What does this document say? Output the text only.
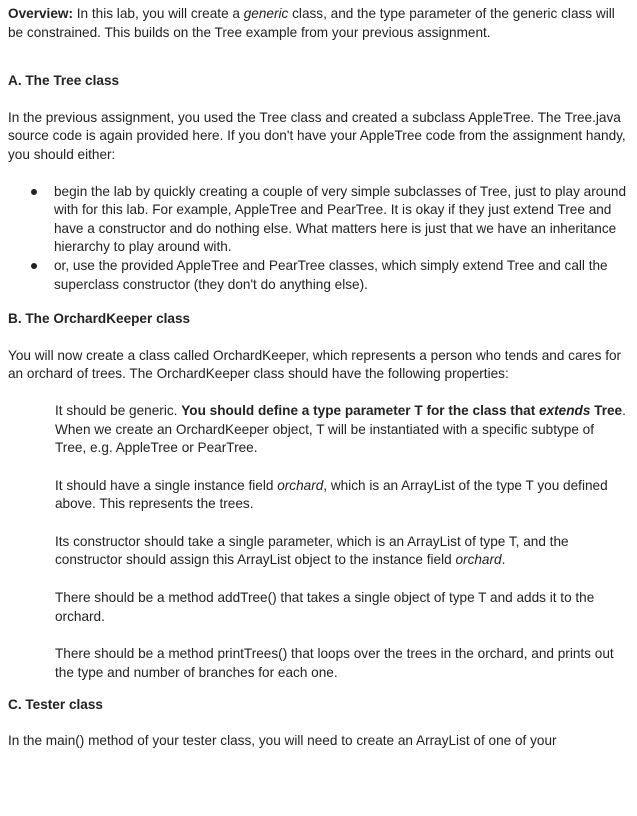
Overview: In this lab, you will create a generic class, and the type parameter of the generic class will be constrained. This builds on the Tree example from your previous assignment.

A. The Tree class

In the previous assignment, you used the Tree class and created a subclass AppleTree. The Tree.java source code is again provided here. If you don't have your AppleTree code from the assignment handy, you should either:

begin the lab by quickly creating a couple of very simple subclasses of Tree, just to play around with for this lab. For example, AppleTree and PearTree. It is okay if they just extend Tree and have a constructor and do nothing else. What matters here is just that we have an inheritance hierarchy to play around with.
or, use the provided AppleTree and PearTree classes, which simply extend Tree and call the superclass constructor (they don't do anything else).

B. The OrchardKeeper class

You will now create a class called OrchardKeeper, which represents a person who tends and cares for an orchard of trees. The OrchardKeeper class should have the following properties:

It should be generic. You should define a type parameter T for the class that extends Tree. When we create an OrchardKeeper object, T will be instantiated with a specific subtype of Tree, e.g. AppleTree or PearTree.

It should have a single instance field orchard, which is an ArrayList of the type T you defined above. This represents the trees.

Its constructor should take a single parameter, which is an ArrayList of type T, and the constructor should assign this ArrayList object to the instance field orchard.

There should be a method addTree() that takes a single object of type T and adds it to the orchard.

There should be a method printTrees() that loops over the trees in the orchard, and prints out the type and number of branches for each one.

C. Tester class

In the main() method of your tester class, you will need to create an ArrayList of one of your
